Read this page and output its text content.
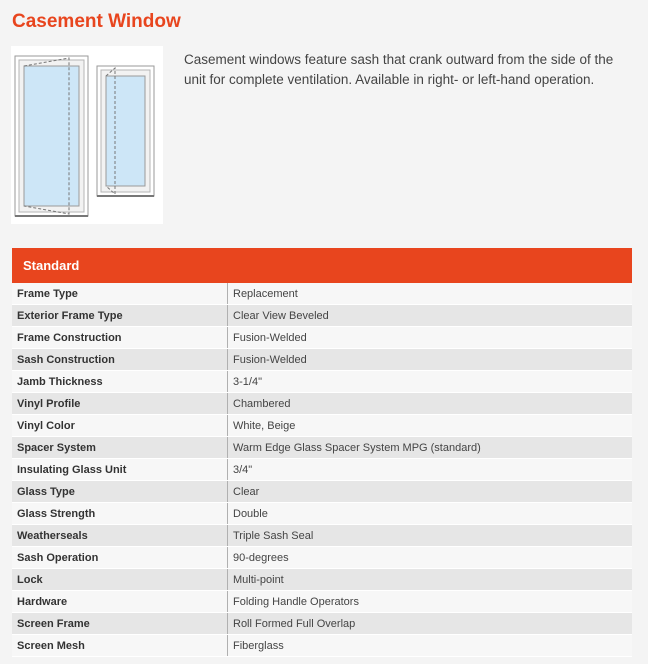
Casement Window
Casement windows feature sash that crank outward from the side of the unit for complete ventilation. Available in right- or left-hand operation.
Standard
Frame Type	Replacement
Exterior Frame Type	Clear View Beveled
Frame Construction	Fusion-Welded
Sash Construction	Fusion-Welded
Jamb Thickness	3-1/4"
Vinyl Profile	Chambered
Vinyl Color	White, Beige
Spacer System	Warm Edge Glass Spacer System MPG (standard)
Insulating Glass Unit	3/4"
Glass Type	Clear
Glass Strength	Double
Weatherseals	Triple Sash Seal
Sash Operation	90-degrees
Lock	Multi-point
Hardware	Folding Handle Operators
Screen Frame	Roll Formed Full Overlap
Screen Mesh	Fiberglass
